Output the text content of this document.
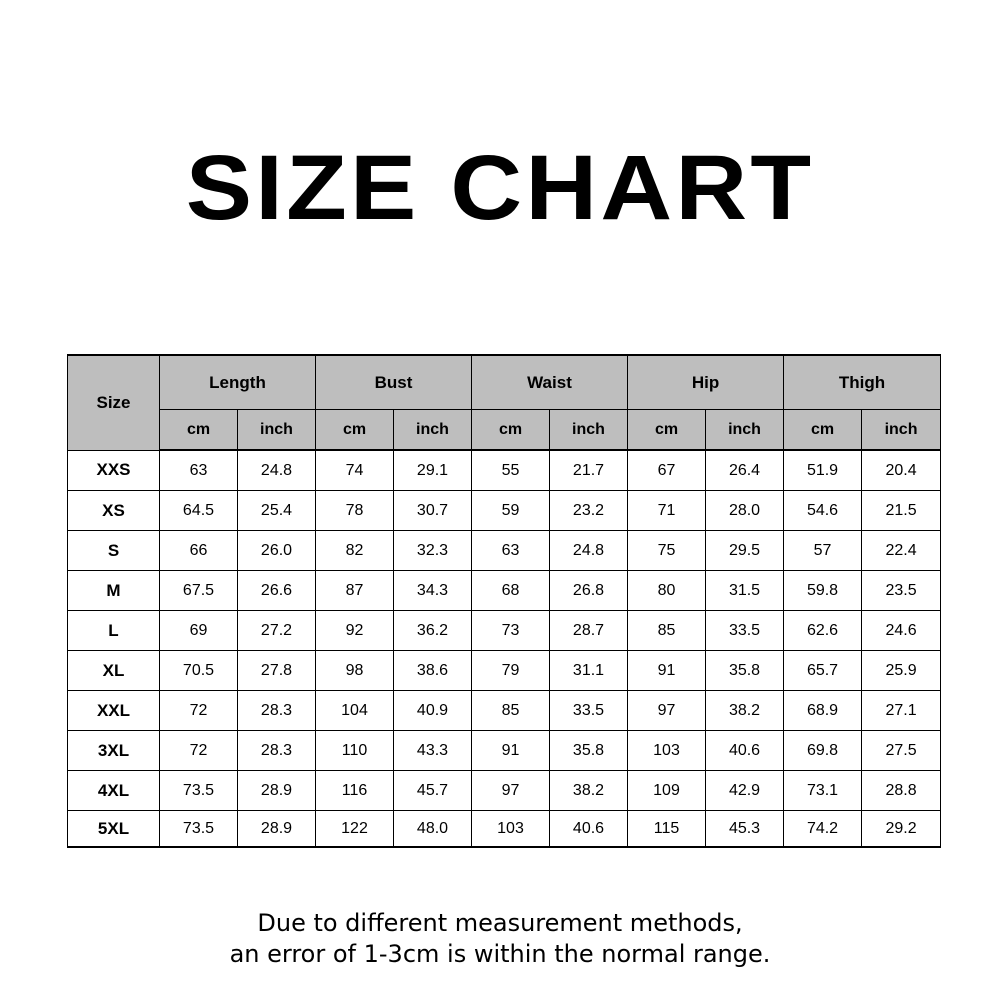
SIZE CHART
Size	Length		Bust		Waist		Hip		Thigh	
	cm	inch	cm	inch	cm	inch	cm	inch	cm	inch
XXS	63	24.8	74	29.1	55	21.7	67	26.4	51.9	20.4
XS	64.5	25.4	78	30.7	59	23.2	71	28.0	54.6	21.5
S	66	26.0	82	32.3	63	24.8	75	29.5	57	22.4
M	67.5	26.6	87	34.3	68	26.8	80	31.5	59.8	23.5
L	69	27.2	92	36.2	73	28.7	85	33.5	62.6	24.6
XL	70.5	27.8	98	38.6	79	31.1	91	35.8	65.7	25.9
XXL	72	28.3	104	40.9	85	33.5	97	38.2	68.9	27.1
3XL	72	28.3	110	43.3	91	35.8	103	40.6	69.8	27.5
4XL	73.5	28.9	116	45.7	97	38.2	109	42.9	73.1	28.8
5XL	73.5	28.9	122	48.0	103	40.6	115	45.3	74.2	29.2
Due to different measurement methods,
an error of 1-3cm is within the normal range.
